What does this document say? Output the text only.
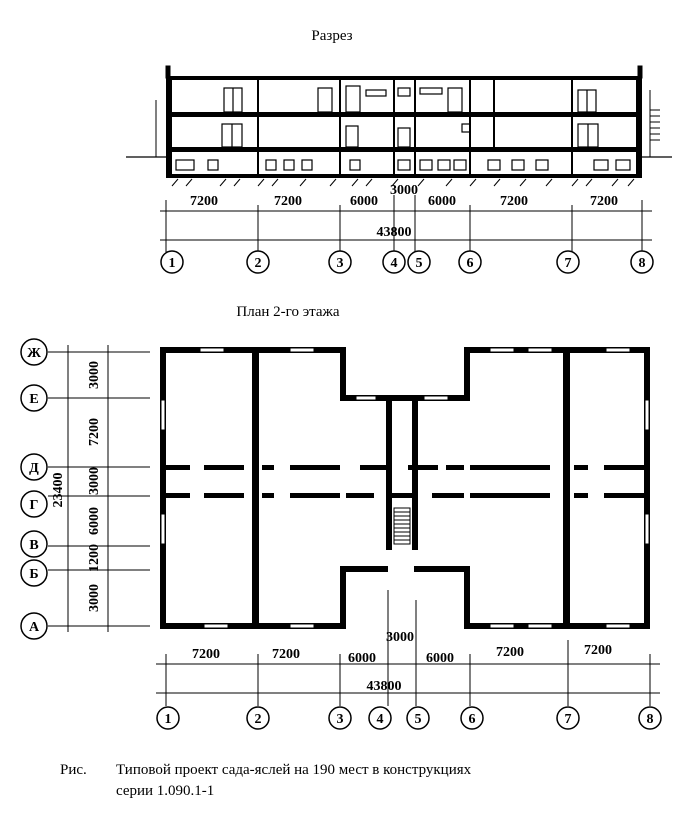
Разрез
7200	7200	6000
3000
6000	7200	7200
43800
1	2	3	4 5	6	7	8
План 2-го этажа
3000
7200
3000
6000
1200
3000
23400
Ж
Е
Д
Г
В
Б
А
7200	7200	6000
3000
6000	7200	7200
43800
1	2	3 4 5	6	7	8
Рис. Типовой проект сада-яслей на 190 мест в конструкциях
серии 1.090.1-1
